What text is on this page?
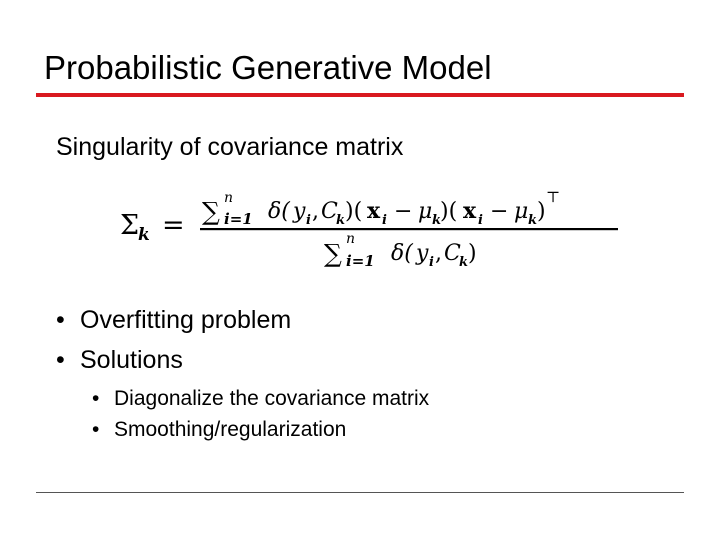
Probabilistic Generative Model
Singularity of covariance matrix
Σ
k = ∑ n
i=1 δ( y i , C
k )( x i − μ k
)( x i − μ k )
⊤
∑ n
i=1 δ( y i , C
k )
• Overfitting problem
• Solutions
• Diagonalize the covariance matrix
• Smoothing/regularization
